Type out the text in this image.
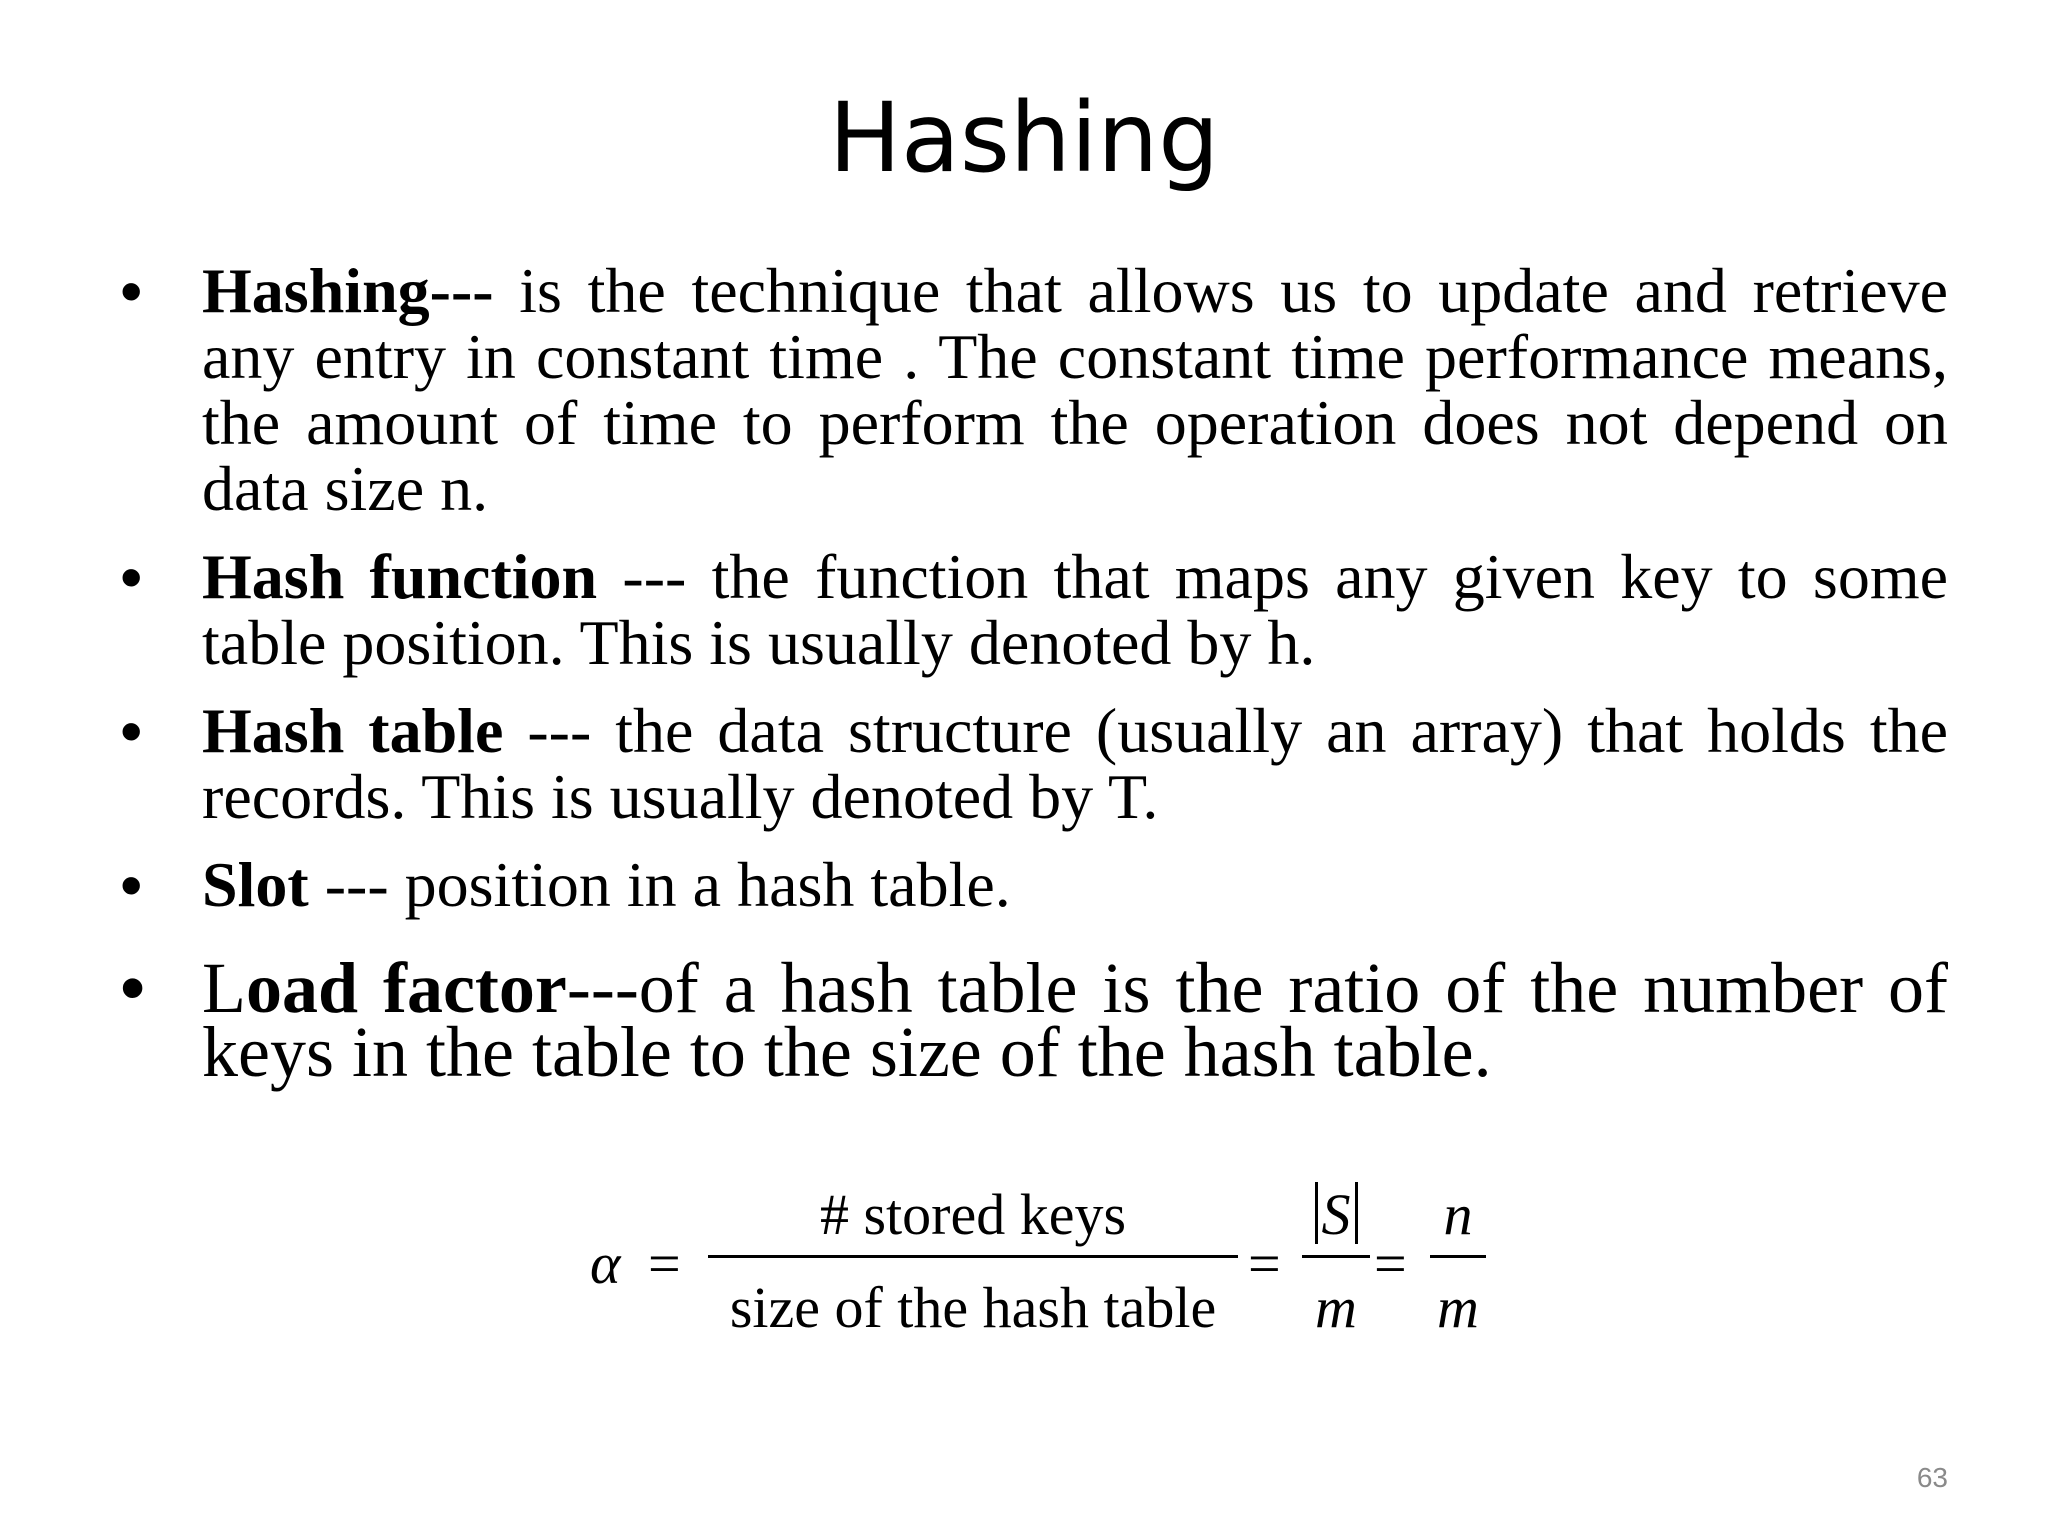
Hashing
• Hashing--- is the technique that allows us to update and retrieve any entry in constant time . The constant time performance means, the amount of time to perform the operation does not depend on data size n.
• Hash function --- the function that maps any given key to some table position. This is usually denoted by h.
• Hash table --- the data structure (usually an array) that holds the records. This is usually denoted by T.
• Slot --- position in a hash table.
• Load factor---of a hash table is the ratio of the number of keys in the table to the size of the hash table.
α =
# stored keys
size of the hash table
=
S
m
=
n
m
63
